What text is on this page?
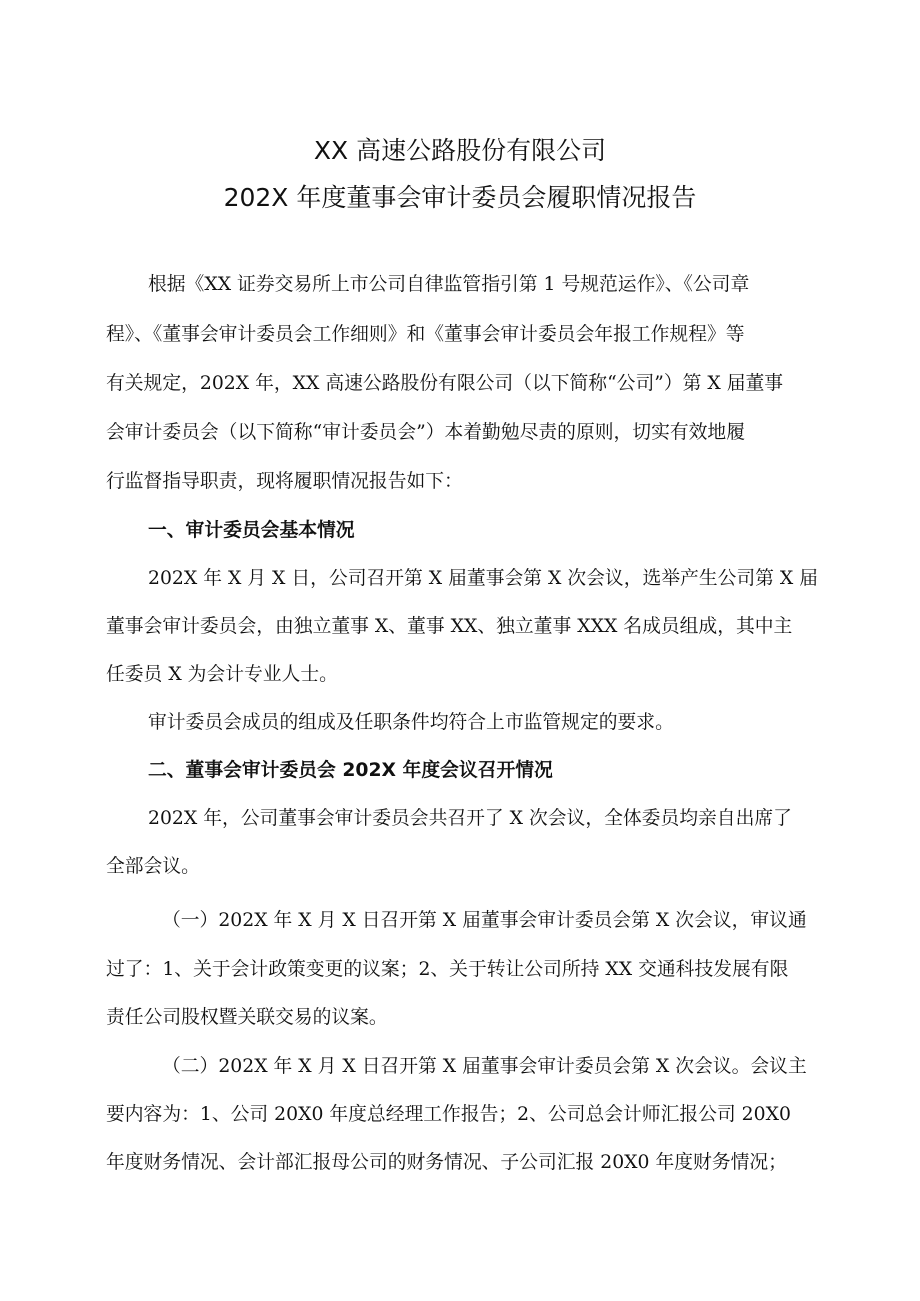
XX 高速公路股份有限公司
202X 年度董事会审计委员会履职情况报告
根据《XX 证券交易所上市公司自律监管指引第 1 号规范运作》、《公司章
程》、《董事会审计委员会工作细则》和《董事会审计委员会年报工作规程》等
有关规定，202X 年，XX 高速公路股份有限公司（以下简称“公司”）第 X 届董事
会审计委员会（以下简称“审计委员会”）本着勤勉尽责的原则，切实有效地履
行监督指导职责，现将履职情况报告如下：
一、审计委员会基本情况
202X 年 X 月 X 日，公司召开第 X 届董事会第 X 次会议，选举产生公司第 X 届
董事会审计委员会，由独立董事 X、董事 XX、独立董事 XXX 名成员组成，其中主
任委员 X 为会计专业人士。
审计委员会成员的组成及任职条件均符合上市监管规定的要求。
二、董事会审计委员会 202X 年度会议召开情况
202X 年，公司董事会审计委员会共召开了 X 次会议，全体委员均亲自出席了
全部会议。
（一）202X 年 X 月 X 日召开第 X 届董事会审计委员会第 X 次会议，审议通
过了：1、关于会计政策变更的议案；2、关于转让公司所持 XX 交通科技发展有限
责任公司股权暨关联交易的议案。
（二）202X 年 X 月 X 日召开第 X 届董事会审计委员会第 X 次会议。会议主
要内容为：1、公司 20X0 年度总经理工作报告；2、公司总会计师汇报公司 20X0
年度财务情况、会计部汇报母公司的财务情况、子公司汇报 20X0 年度财务情况；
